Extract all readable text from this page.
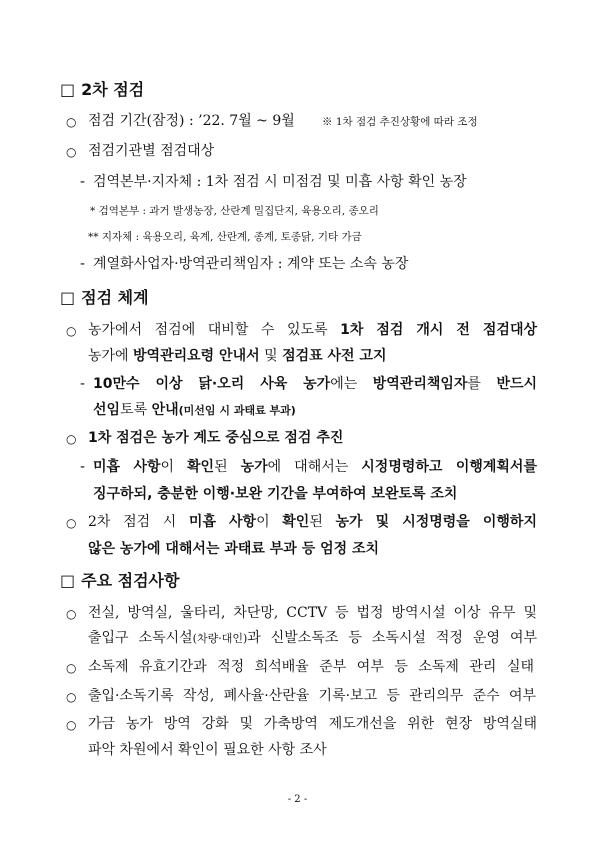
□ 2차 점검
○ 점검 기간(잠정) : ’22. 7월 ~ 9월	※ 1차 점검 추진상황에 따라 조정
○ 점검기관별 점검대상
- 검역본부·지자체 : 1차 점검 시 미점검 및 미흡 사항 확인 농장
* 검역본부 : 과거 발생농장, 산란계 밀집단지, 육용오리, 종오리
** 지자체 : 육용오리, 육계, 산란계, 종계, 토종닭, 기타 가금
- 계열화사업자·방역관리책임자 : 계약 또는 소속 농장
□ 점검 체계
○ 농가에서 점검에 대비할 수 있도록 1차 점검 개시 전 점검대상
농가에 방역관리요령 안내서 및 점검표 사전 고지
- 10만수 이상 닭·오리 사육 농가에는 방역관리책임자를 반드시
선임토록 안내(미선임 시 과태료 부과)
○ 1차 점검은 농가 계도 중심으로 점검 추진
- 미흡 사항이 확인된 농가에 대해서는 시정명령하고 이행계획서를
징구하되, 충분한 이행·보완 기간을 부여하여 보완토록 조치
○ 2차 점검 시 미흡 사항이 확인된 농가 및 시정명령을 이행하지
않은 농가에 대해서는 과태료 부과 등 엄정 조치
□ 주요 점검사항
○ 전실, 방역실, 울타리, 차단망, CCTV 등 법정 방역시설 이상 유무 및
출입구 소독시설(차량·대인)과 신발소독조 등 소독시설 적정 운영 여부
○ 소독제 유효기간과 적정 희석배율 준부 여부 등 소독제 관리 실태
○ 출입·소독기록 작성, 폐사율·산란율 기록·보고 등 관리의무 준수 여부
○ 가금 농가 방역 강화 및 가축방역 제도개선을 위한 현장 방역실태
파악 차원에서 확인이 필요한 사항 조사
- 2 -
